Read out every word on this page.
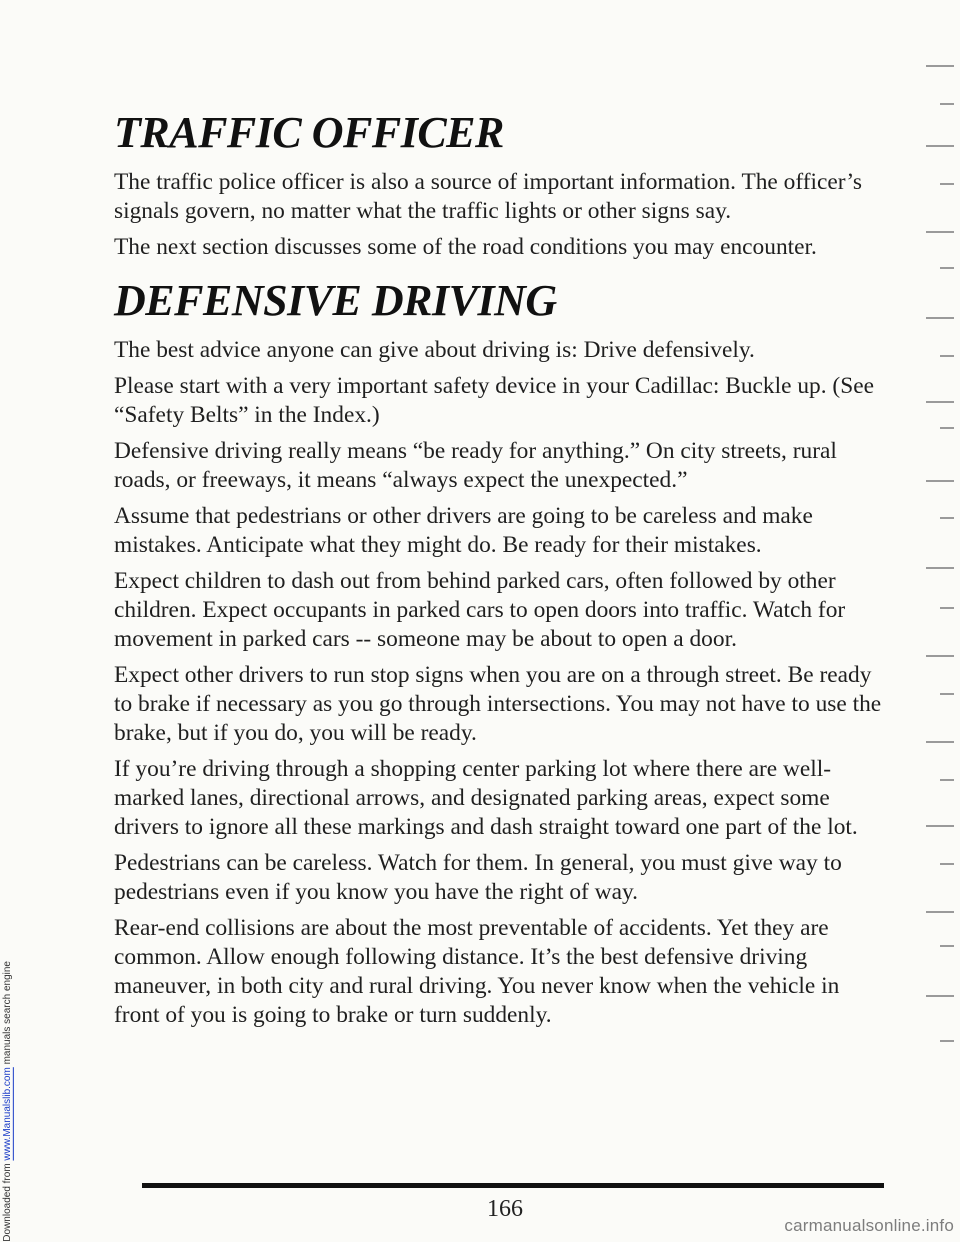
Downloaded from www.Manualslib.com manuals search engine
TRAFFIC OFFICER

The traffic police officer is also a source of important information. The officer’s signals govern, no matter what the traffic lights or other signs say.

The next section discusses some of the road conditions you may encounter.

DEFENSIVE DRIVING

The best advice anyone can give about driving is: Drive defensively.

Please start with a very important safety device in your Cadillac: Buckle up. (See “Safety Belts” in the Index.)

Defensive driving really means “be ready for anything.” On city streets, rural roads, or freeways, it means “always expect the unexpected.”

Assume that pedestrians or other drivers are going to be careless and make mistakes. Anticipate what they might do. Be ready for their mistakes.

Expect children to dash out from behind parked cars, often followed by other children. Expect occupants in parked cars to open doors into traffic. Watch for movement in parked cars -- someone may be about to open a door.

Expect other drivers to run stop signs when you are on a through street. Be ready to brake if necessary as you go through intersections. You may not have to use the brake, but if you do, you will be ready.

If you’re driving through a shopping center parking lot where there are well-marked lanes, directional arrows, and designated parking areas, expect some drivers to ignore all these markings and dash straight toward one part of the lot.

Pedestrians can be careless. Watch for them. In general, you must give way to pedestrians even if you know you have the right of way.

Rear-end collisions are about the most preventable of accidents. Yet they are common. Allow enough following distance. It’s the best defensive driving maneuver, in both city and rural driving. You never know when the vehicle in front of you is going to brake or turn suddenly.

166
carmanualsonline.info
